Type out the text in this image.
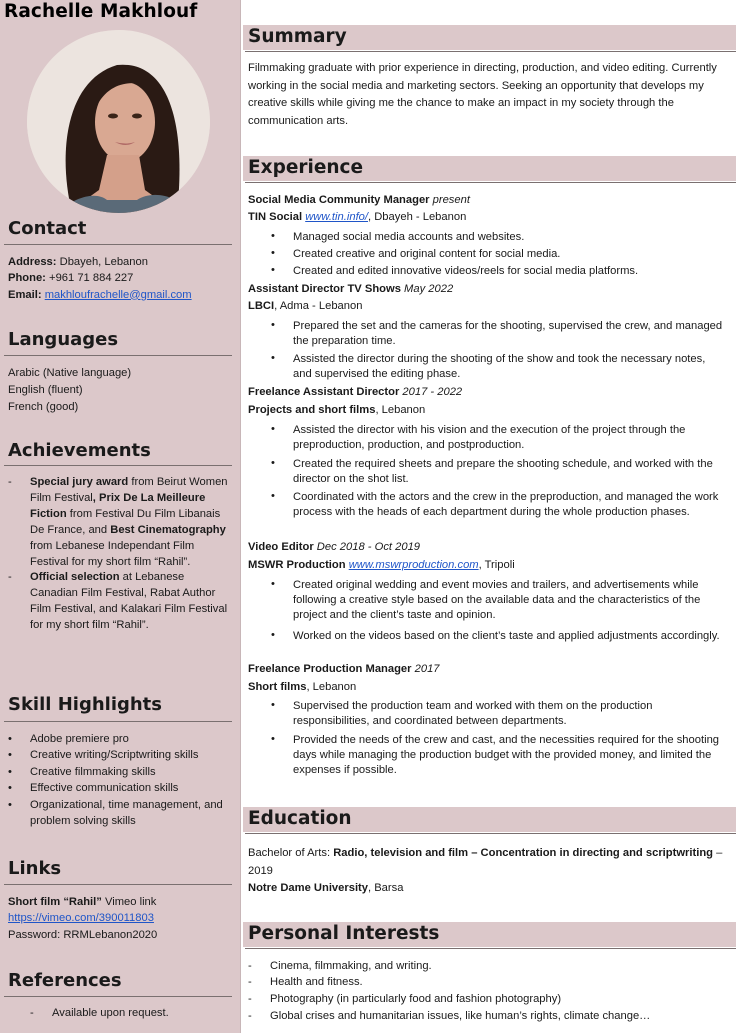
Rachelle Makhlouf
Contact
Address: Dbayeh, Lebanon
Phone: +961 71 884 227
Email: makhloufrachelle@gmail.com
Languages
Arabic (Native language)
English (fluent)
French (good)
Achievements
- Special jury award from Beirut Women Film Festival, Prix De La Meilleure Fiction from Festival Du Film Libanais De France, and Best Cinematography from Lebanese Independant Film Festival for my short film “Rahil”.
- Official selection at Lebanese Canadian Film Festival, Rabat Author Film Festival, and Kalakari Film Festival for my short film “Rahil”.
Skill Highlights
• Adobe premiere pro
• Creative writing/Scriptwriting skills
• Creative filmmaking skills
• Effective communication skills
• Organizational, time management, and problem solving skills
Links
Short film “Rahil” Vimeo link
https://vimeo.com/390011803
Password: RRMLebanon2020
References
- Available upon request.
Summary
Filmmaking graduate with prior experience in directing, production, and video editing. Currently working in the social media and marketing sectors. Seeking an opportunity that develops my creative skills while giving me the chance to make an impact in my society through the communication arts.
Experience
Social Media Community Manager present
TIN Social www.tin.info/, Dbayeh - Lebanon
• Managed social media accounts and websites.
• Created creative and original content for social media.
• Created and edited innovative videos/reels for social media platforms.
Assistant Director TV Shows May 2022
LBCI, Adma - Lebanon
• Prepared the set and the cameras for the shooting, supervised the crew, and managed the preparation time.
• Assisted the director during the shooting of the show and took the necessary notes, and supervised the editing phase.
Freelance Assistant Director 2017 - 2022
Projects and short films, Lebanon
• Assisted the director with his vision and the execution of the project through the preproduction, production, and postproduction.
• Created the required sheets and prepare the shooting schedule, and worked with the director on the shot list.
• Coordinated with the actors and the crew in the preproduction, and managed the work process with the heads of each department during the whole production phases.
Video Editor Dec 2018 - Oct 2019
MSWR Production www.mswrproduction.com, Tripoli
• Created original wedding and event movies and trailers, and advertisements while following a creative style based on the available data and the characteristics of the project and the client’s taste and opinion.
• Worked on the videos based on the client’s taste and applied adjustments accordingly.
Freelance Production Manager 2017
Short films, Lebanon
• Supervised the production team and worked with them on the production responsibilities, and coordinated between departments.
• Provided the needs of the crew and cast, and the necessities required for the shooting days while managing the production budget with the provided money, and limited the expenses if possible.
Education
Bachelor of Arts: Radio, television and film – Concentration in directing and scriptwriting – 2019
Notre Dame University, Barsa
Personal Interests
- Cinema, filmmaking, and writing.
- Health and fitness.
- Photography (in particularly food and fashion photography)
- Global crises and humanitarian issues, like human’s rights, climate change…
